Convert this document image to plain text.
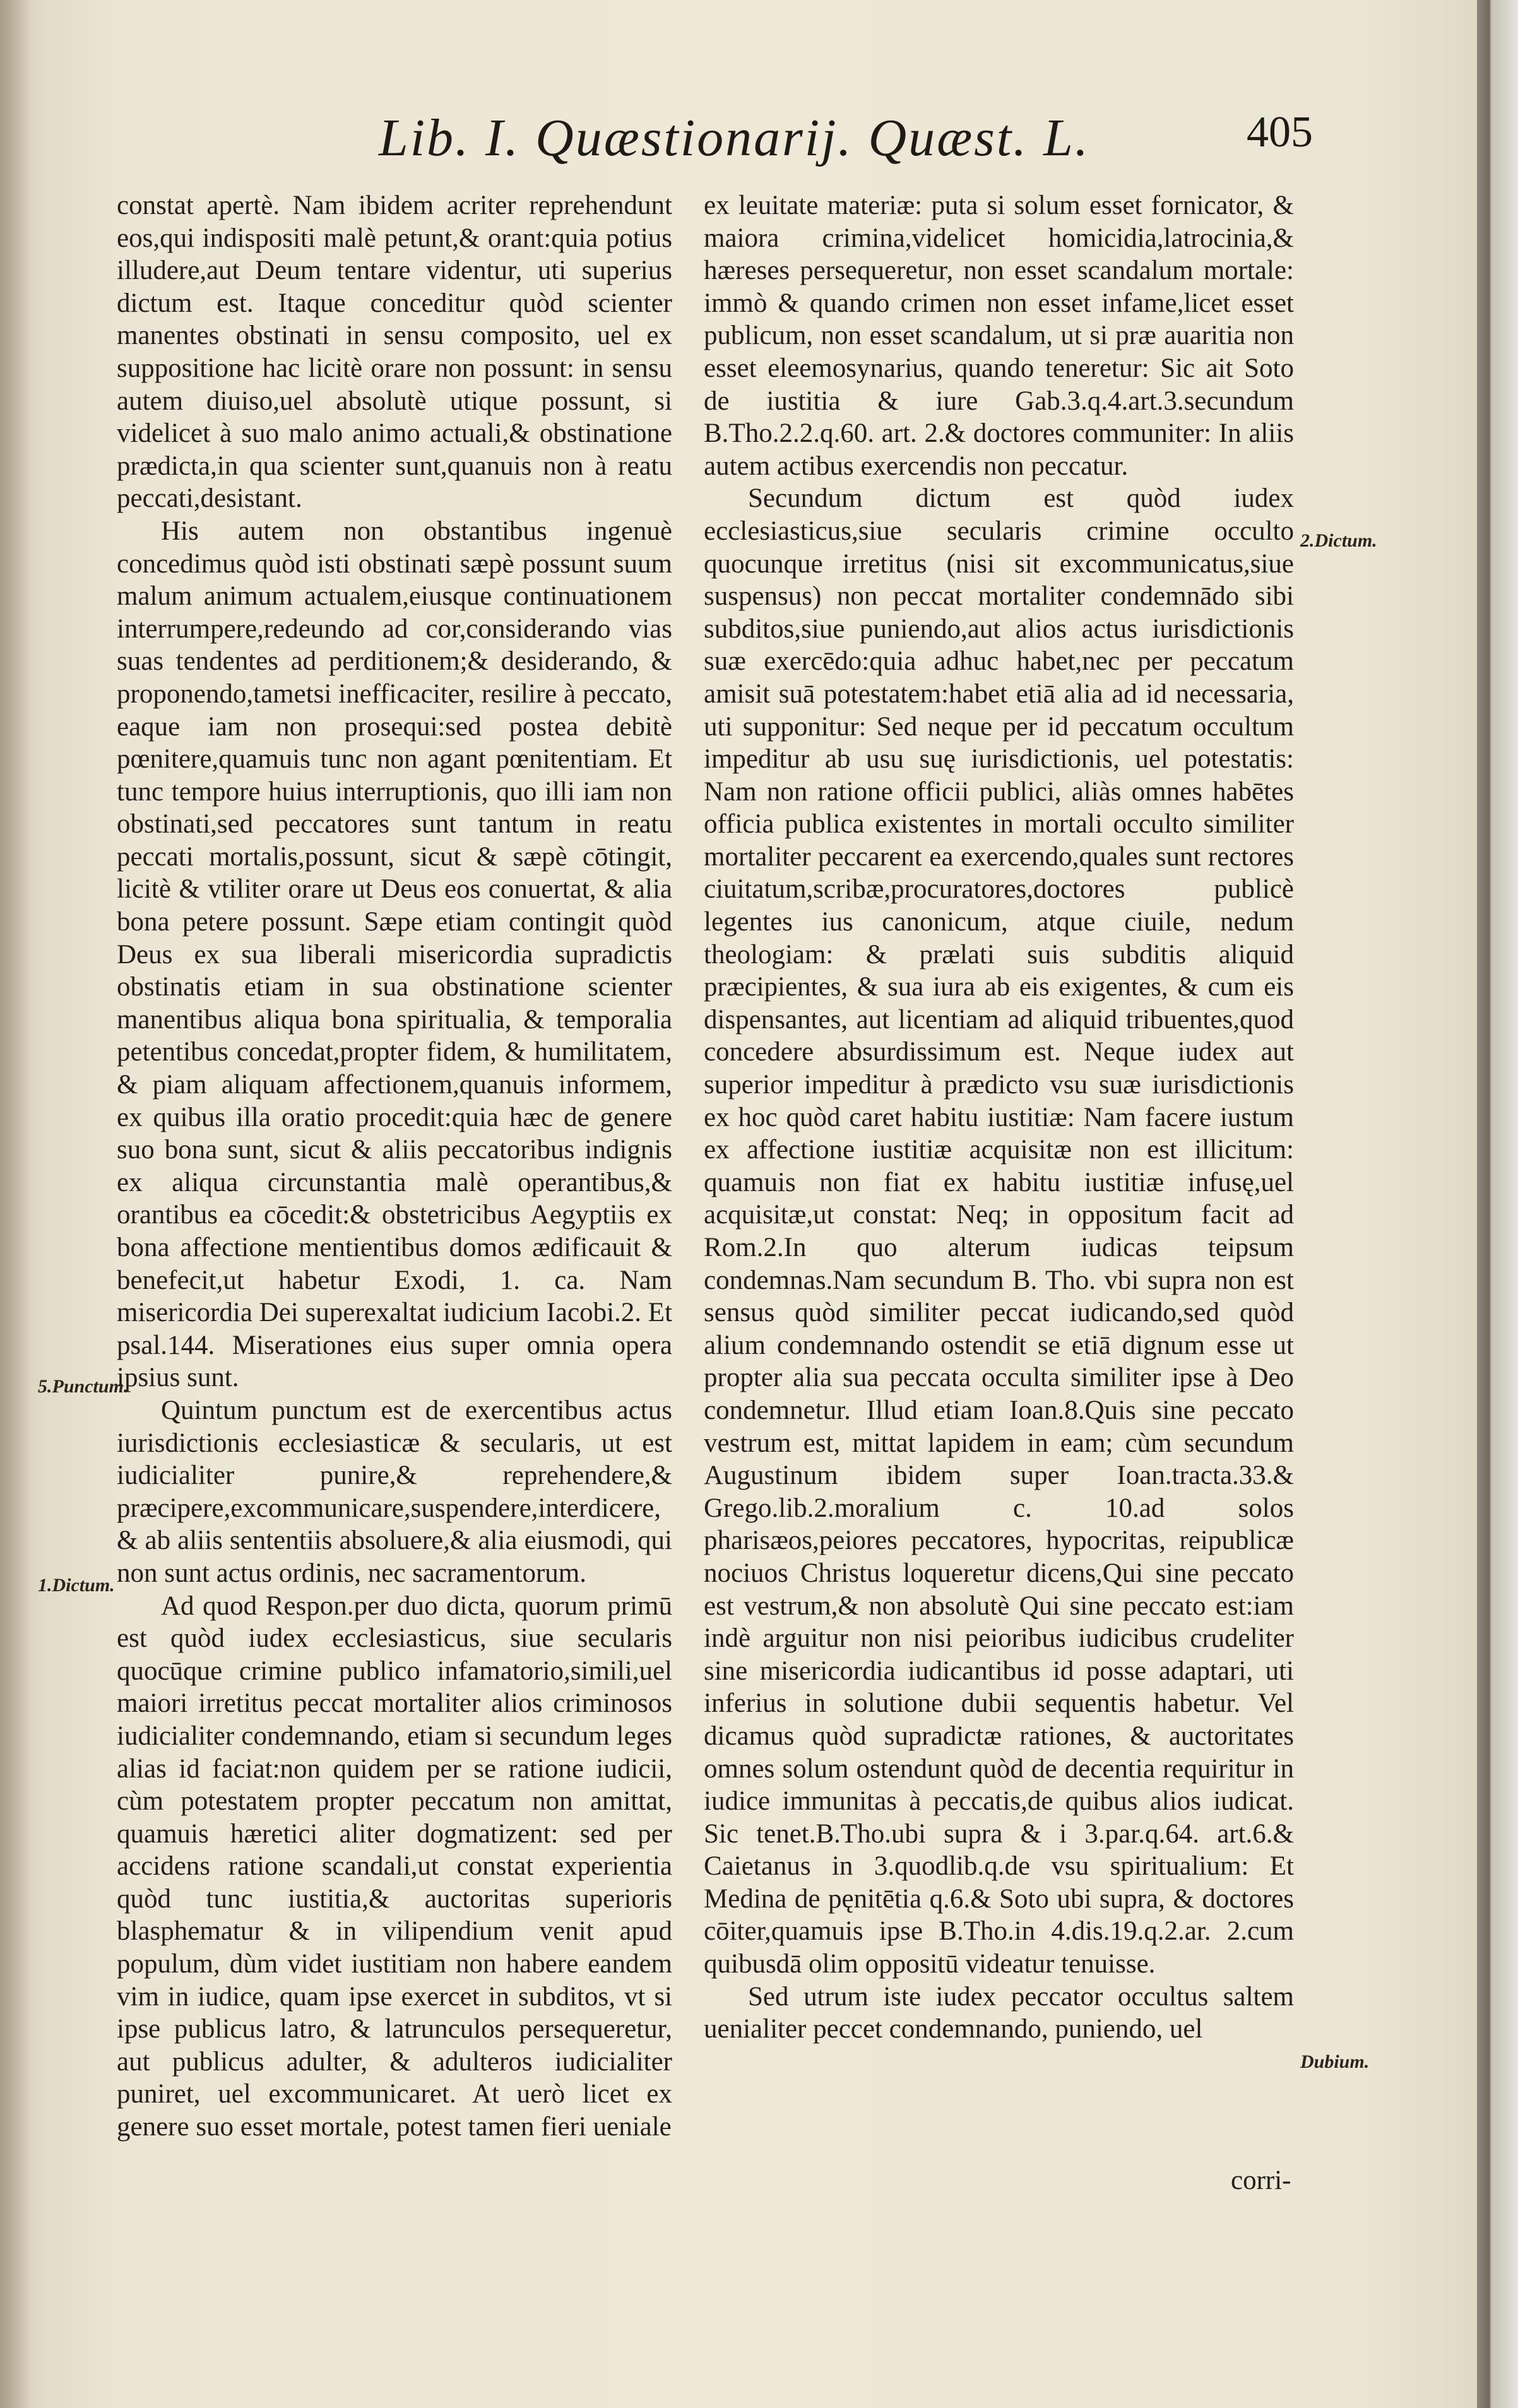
Lib. I. Quæstionarij. Quæst. L.	405

constat apertè. Nam ibidem acriter reprehendunt eos,qui indispositi malè petunt,& orant:quia potius illudere,aut Deum tentare videntur, uti superius dictum est. Itaque conceditur quòd scienter manentes obstinati in sensu composito, uel ex suppositione hac licitè orare non possunt: in sensu autem diuiso,uel absolutè utique possunt, si videlicet à suo malo animo actuali,& obstinatione prædicta,in qua scienter sunt,quanuis non à reatu peccati,desistant.

His autem non obstantibus ingenuè concedimus quòd isti obstinati sæpè possunt suum malum animum actualem,eiusque continuationem interrumpere,redeundo ad cor,considerando vias suas tendentes ad perditionem;& desiderando, & proponendo,tametsi inefficaciter, resilire à peccato, eaque iam non prosequi:sed postea debitè pœnitere,quamuis tunc non agant pœnitentiam. Et tunc tempore huius interruptionis, quo illi iam non obstinati,sed peccatores sunt tantum in reatu peccati mortalis,possunt, sicut & sæpè cōtingit, licitè & vtiliter orare ut Deus eos conuertat, & alia bona petere possunt. Sæpe etiam contingit quòd Deus ex sua liberali misericordia supradictis obstinatis etiam in sua obstinatione scienter manentibus aliqua bona spiritualia, & temporalia petentibus concedat,propter fidem, & humilitatem, & piam aliquam affectionem,quanuis informem, ex quibus illa oratio procedit:quia hæc de genere suo bona sunt, sicut & aliis peccatoribus indignis ex aliqua circunstantia malè operantibus,& orantibus ea cōcedit:& obstetricibus Aegyptiis ex bona affectione mentientibus domos ædificauit & benefecit,ut habetur Exodi, 1. ca. Nam misericordia Dei superexaltat iudicium Iacobi.2. Et psal.144. Miserationes eius super omnia opera ipsius sunt.

Quintum punctum est de exercentibus actus iurisdictionis ecclesiasticæ & secularis, ut est iudicialiter punire,& reprehendere,& præcipere,excommunicare,suspendere,interdicere, & ab aliis sententiis absoluere,& alia eiusmodi, qui non sunt actus ordinis, nec sacramentorum.

Ad quod Respon.per duo dicta, quorum primū est quòd iudex ecclesiasticus, siue secularis quocūque crimine publico infamatorio,simili,uel maiori irretitus peccat mortaliter alios criminosos iudicialiter condemnando, etiam si secundum leges alias id faciat:non quidem per se ratione iudicii, cùm potestatem propter peccatum non amittat, quamuis hæretici aliter dogmatizent: sed per accidens ratione scandali,ut constat experientia quòd tunc iustitia,& auctoritas superioris blasphematur & in vilipendium venit apud populum, dùm videt iustitiam non habere eandem vim in iudice, quam ipse exercet in subditos, vt si ipse publicus latro, & latrunculos persequeretur, aut publicus adulter, & adulteros iudicialiter puniret, uel excommunicaret. At uerò licet ex genere suo esset mortale, potest tamen fieri ueniale

ex leuitate materiæ: puta si solum esset fornicator, & maiora crimina,videlicet homicidia,latrocinia,& hæreses persequeretur, non esset scandalum mortale: immò & quando crimen non esset infame,licet esset publicum, non esset scandalum, ut si præ auaritia non esset eleemosynarius, quando teneretur: Sic ait Soto de iustitia & iure Gab.3.q.4.art.3.secundum B.Tho.2.2.q.60. art. 2.& doctores communiter: In aliis autem actibus exercendis non peccatur.

Secundum dictum est quòd iudex ecclesiasticus,siue secularis crimine occulto quocunque irretitus (nisi sit excommunicatus,siue suspensus) non peccat mortaliter condemnādo sibi subditos,siue puniendo,aut alios actus iurisdictionis suæ exercēdo:quia adhuc habet,nec per peccatum amisit suā potestatem:habet etiā alia ad id necessaria, uti supponitur: Sed neque per id peccatum occultum impeditur ab usu suę iurisdictionis, uel potestatis: Nam non ratione officii publici, aliàs omnes habētes officia publica existentes in mortali occulto similiter mortaliter peccarent ea exercendo,quales sunt rectores ciuitatum,scribæ,procuratores,doctores publicè legentes ius canonicum, atque ciuile, nedum theologiam: & prælati suis subditis aliquid præcipientes, & sua iura ab eis exigentes, & cum eis dispensantes, aut licentiam ad aliquid tribuentes,quod concedere absurdissimum est. Neque iudex aut superior impeditur à prædicto vsu suæ iurisdictionis ex hoc quòd caret habitu iustitiæ: Nam facere iustum ex affectione iustitiæ acquisitæ non est illicitum: quamuis non fiat ex habitu iustitiæ infusę,uel acquisitæ,ut constat: Neq; in oppositum facit ad Rom.2.In quo alterum iudicas teipsum condemnas.Nam secundum B. Tho. vbi supra non est sensus quòd similiter peccat iudicando,sed quòd alium condemnando ostendit se etiā dignum esse ut propter alia sua peccata occulta similiter ipse à Deo condemnetur. Illud etiam Ioan.8.Quis sine peccato vestrum est, mittat lapidem in eam; cùm secundum Augustinum ibidem super Ioan.tracta.33.& Grego.lib.2.moralium c. 10.ad solos pharisæos,peiores peccatores, hypocritas, reipublicæ nociuos Christus loqueretur dicens,Qui sine peccato est vestrum,& non absolutè Qui sine peccato est:iam indè arguitur non nisi peioribus iudicibus crudeliter sine misericordia iudicantibus id posse adaptari, uti inferius in solutione dubii sequentis habetur. Vel dicamus quòd supradictæ rationes, & auctoritates omnes solum ostendunt quòd de decentia requiritur in iudice immunitas à peccatis,de quibus alios iudicat. Sic tenet.B.Tho.ubi supra & i 3.par.q.64. art.6.& Caietanus in 3.quodlib.q.de vsu spiritualium: Et Medina de pęnitētia q.6.& Soto ubi supra, & doctores cōiter,quamuis ipse B.Tho.in 4.dis.19.q.2.ar. 2.cum quibusdā olim oppositū videatur tenuisse.

Sed utrum iste iudex peccator occultus saltem uenialiter peccet condemnando, puniendo, uel

5.Punctum.
1.Dictum.
2.Dictum.
Dubium.
corri-
